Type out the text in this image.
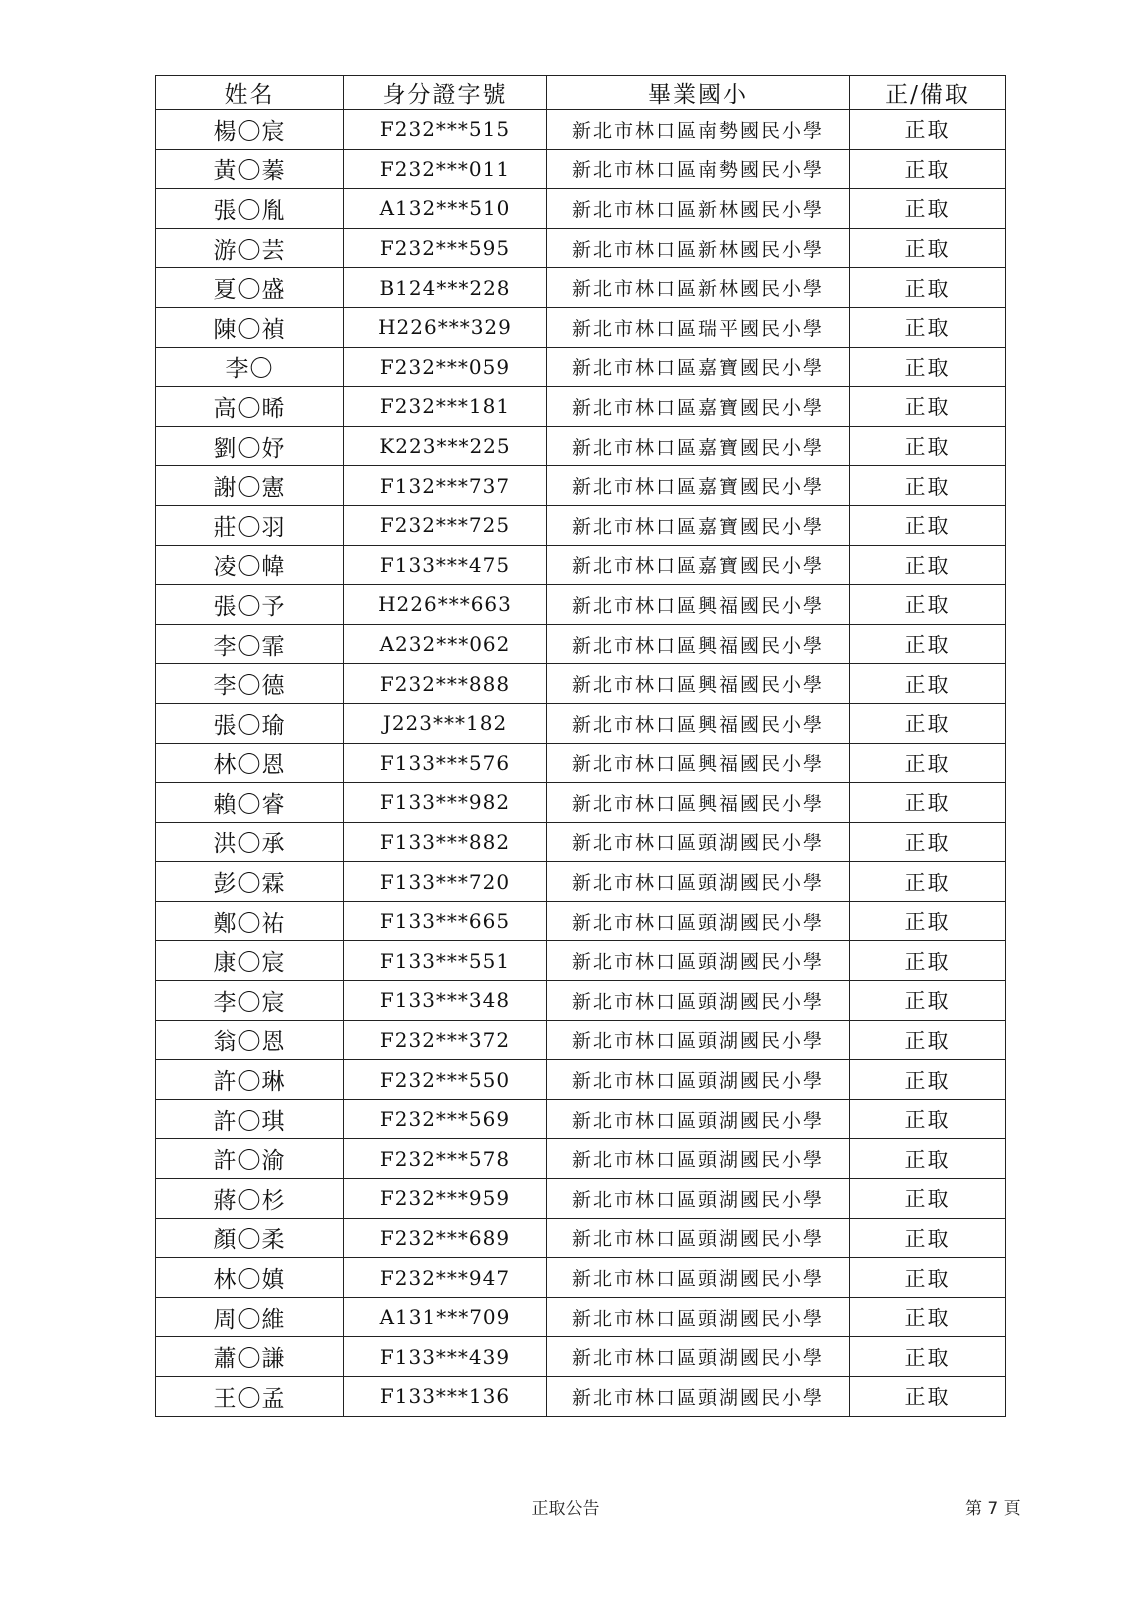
姓名	身分證字號	畢業國小	正/備取
楊〇宸	F232***515	新北市林口區南勢國民小學	正取
黃〇蓁	F232***011	新北市林口區南勢國民小學	正取
張〇胤	A132***510	新北市林口區新林國民小學	正取
游〇芸	F232***595	新北市林口區新林國民小學	正取
夏〇盛	B124***228	新北市林口區新林國民小學	正取
陳〇禎	H226***329	新北市林口區瑞平國民小學	正取
李〇	F232***059	新北市林口區嘉寶國民小學	正取
高〇晞	F232***181	新北市林口區嘉寶國民小學	正取
劉〇妤	K223***225	新北市林口區嘉寶國民小學	正取
謝〇憲	F132***737	新北市林口區嘉寶國民小學	正取
莊〇羽	F232***725	新北市林口區嘉寶國民小學	正取
凌〇幃	F133***475	新北市林口區嘉寶國民小學	正取
張〇予	H226***663	新北市林口區興福國民小學	正取
李〇霏	A232***062	新北市林口區興福國民小學	正取
李〇德	F232***888	新北市林口區興福國民小學	正取
張〇瑜	J223***182	新北市林口區興福國民小學	正取
林〇恩	F133***576	新北市林口區興福國民小學	正取
賴〇睿	F133***982	新北市林口區興福國民小學	正取
洪〇承	F133***882	新北市林口區頭湖國民小學	正取
彭〇霖	F133***720	新北市林口區頭湖國民小學	正取
鄭〇祐	F133***665	新北市林口區頭湖國民小學	正取
康〇宸	F133***551	新北市林口區頭湖國民小學	正取
李〇宸	F133***348	新北市林口區頭湖國民小學	正取
翁〇恩	F232***372	新北市林口區頭湖國民小學	正取
許〇琳	F232***550	新北市林口區頭湖國民小學	正取
許〇琪	F232***569	新北市林口區頭湖國民小學	正取
許〇渝	F232***578	新北市林口區頭湖國民小學	正取
蔣〇杉	F232***959	新北市林口區頭湖國民小學	正取
顏〇柔	F232***689	新北市林口區頭湖國民小學	正取
林〇嫃	F232***947	新北市林口區頭湖國民小學	正取
周〇維	A131***709	新北市林口區頭湖國民小學	正取
蕭〇謙	F133***439	新北市林口區頭湖國民小學	正取
王〇孟	F133***136	新北市林口區頭湖國民小學	正取
正取公告	第 7 頁
